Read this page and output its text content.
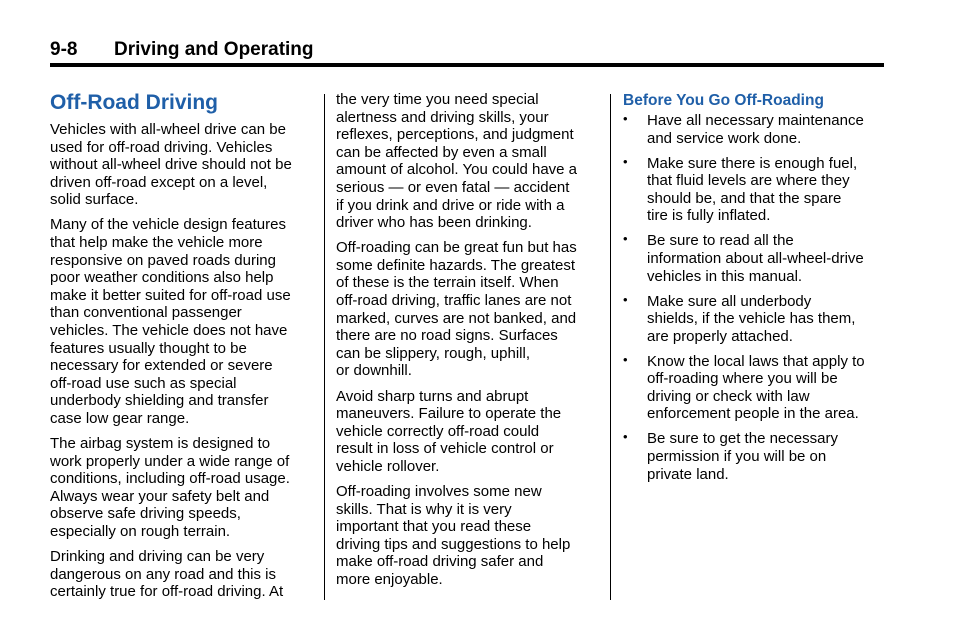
9-8 Driving and Operating
Off-Road Driving

Vehicles with all-wheel drive can be
used for off-road driving. Vehicles
without all-wheel drive should not be
driven off-road except on a level,
solid surface.

Many of the vehicle design features
that help make the vehicle more
responsive on paved roads during
poor weather conditions also help
make it better suited for off-road use
than conventional passenger
vehicles. The vehicle does not have
features usually thought to be
necessary for extended or severe
off-road use such as special
underbody shielding and transfer
case low gear range.

The airbag system is designed to
work properly under a wide range of
conditions, including off-road usage.
Always wear your safety belt and
observe safe driving speeds,
especially on rough terrain.

Drinking and driving can be very
dangerous on any road and this is
certainly true for off-road driving. At

the very time you need special
alertness and driving skills, your
reflexes, perceptions, and judgment
can be affected by even a small
amount of alcohol. You could have a
serious — or even fatal — accident
if you drink and drive or ride with a
driver who has been drinking.

Off-roading can be great fun but has
some definite hazards. The greatest
of these is the terrain itself. When
off-road driving, traffic lanes are not
marked, curves are not banked, and
there are no road signs. Surfaces
can be slippery, rough, uphill,
or downhill.

Avoid sharp turns and abrupt
maneuvers. Failure to operate the
vehicle correctly off-road could
result in loss of vehicle control or
vehicle rollover.

Off-roading involves some new
skills. That is why it is very
important that you read these
driving tips and suggestions to help
make off-road driving safer and
more enjoyable.

Before You Go Off-Roading
• Have all necessary maintenance
and service work done.
• Make sure there is enough fuel,
that fluid levels are where they
should be, and that the spare
tire is fully inflated.
• Be sure to read all the
information about all-wheel-drive
vehicles in this manual.
• Make sure all underbody
shields, if the vehicle has them,
are properly attached.
• Know the local laws that apply to
off-roading where you will be
driving or check with law
enforcement people in the area.
• Be sure to get the necessary
permission if you will be on
private land.
